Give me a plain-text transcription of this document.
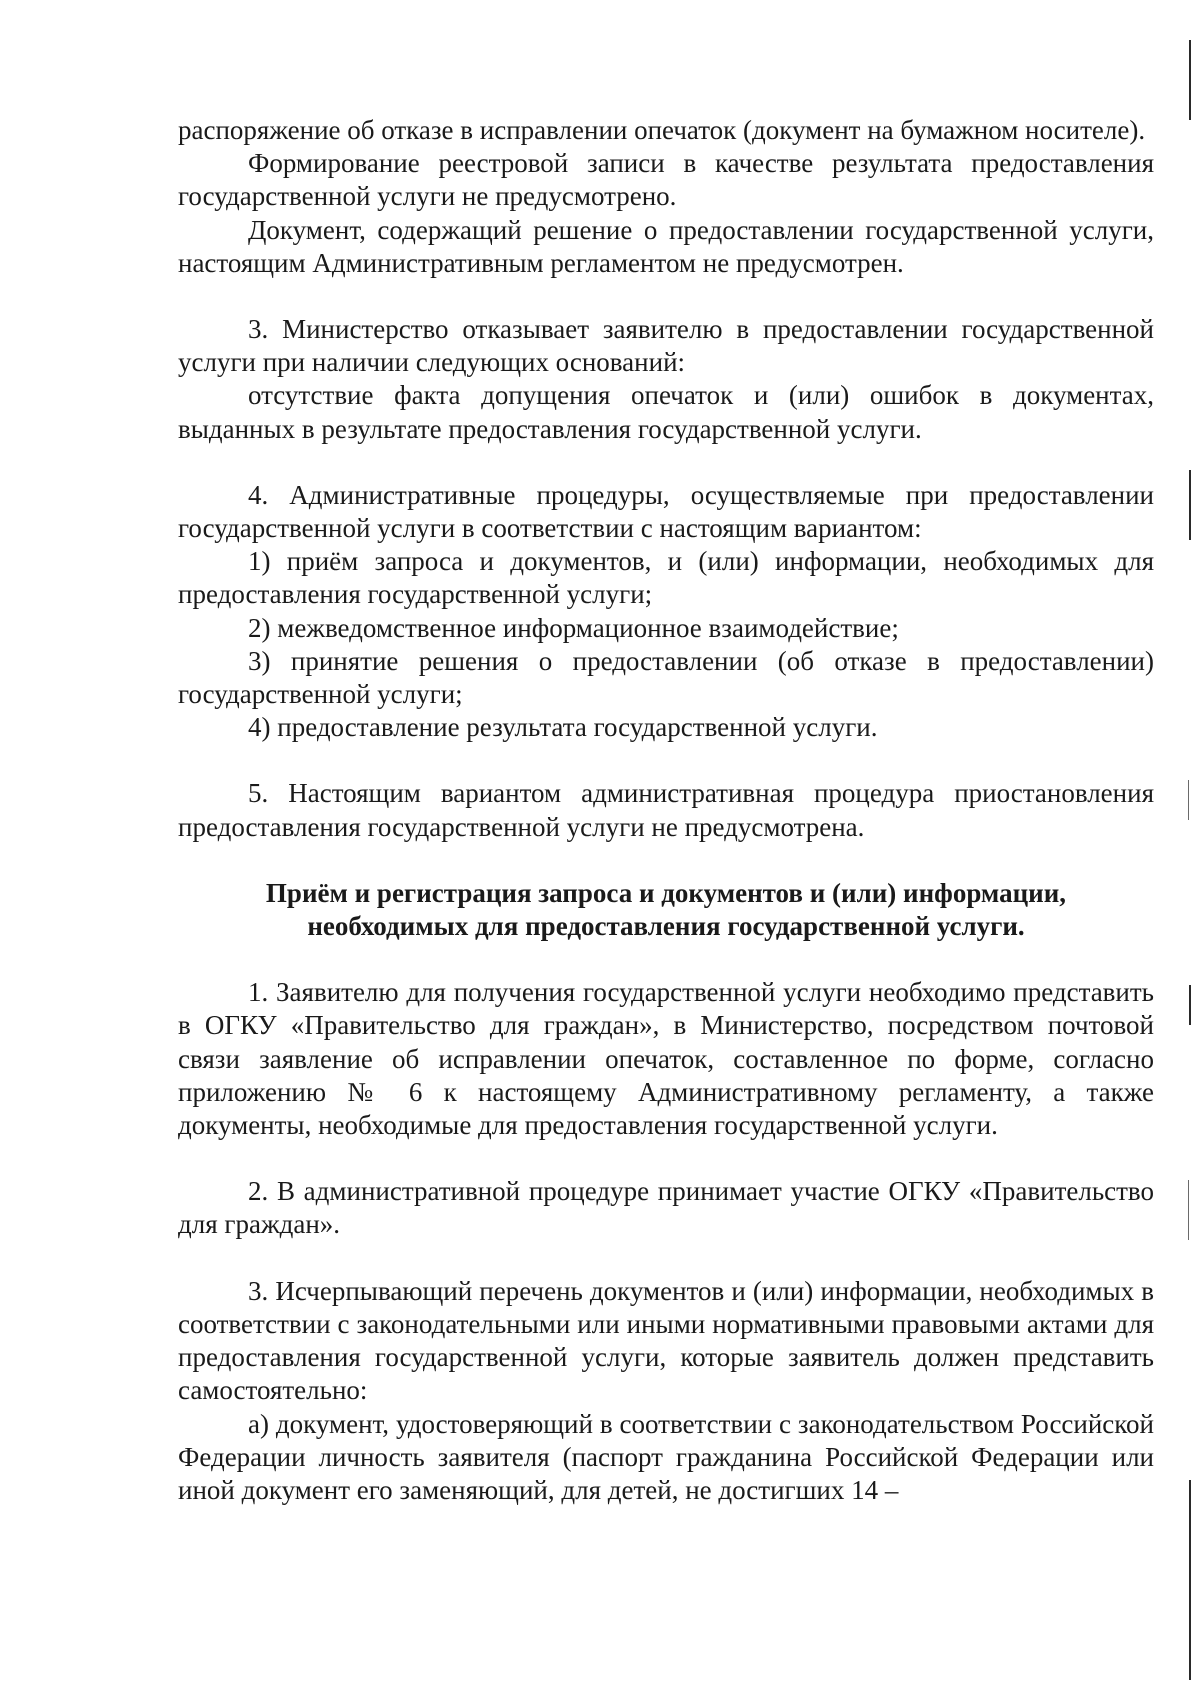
распоряжение об отказе в исправлении опечаток (документ на бумажном носителе).

Формирование реестровой записи в качестве результата предоставления государственной услуги не предусмотрено.

Документ, содержащий решение о предоставлении государственной услуги, настоящим Административным регламентом не предусмотрен.

3. Министерство отказывает заявителю в предоставлении государственной услуги при наличии следующих оснований:

отсутствие факта допущения опечаток и (или) ошибок в документах, выданных в результате предоставления государственной услуги.

4. Административные процедуры, осуществляемые при предоставлении государственной услуги в соответствии с настоящим вариантом:

1) приём запроса и документов, и (или) информации, необходимых для предоставления государственной услуги;

2) межведомственное информационное взаимодействие;

3) принятие решения о предоставлении (об отказе в предоставлении) государственной услуги;

4) предоставление результата государственной услуги.

5. Настоящим вариантом административная процедура приостановления предоставления государственной услуги не предусмотрена.

Приём и регистрация запроса и документов и (или) информации,

необходимых для предоставления государственной услуги.

1. Заявителю для получения государственной услуги необходимо представить в ОГКУ «Правительство для граждан», в Министерство, посредством почтовой связи заявление об исправлении опечаток, составленное по форме, согласно приложению № 6 к настоящему Административному регламенту, а также документы, необходимые для предоставления государственной услуги.

2. В административной процедуре принимает участие ОГКУ «Правительство для граждан».

3. Исчерпывающий перечень документов и (или) информации, необходимых в соответствии с законодательными или иными нормативными правовыми актами для предоставления государственной услуги, которые заявитель должен представить самостоятельно:

а) документ, удостоверяющий в соответствии с законодательством Российской Федерации личность заявителя (паспорт гражданина Российской Федерации или иной документ его заменяющий, для детей, не достигших 14 –
